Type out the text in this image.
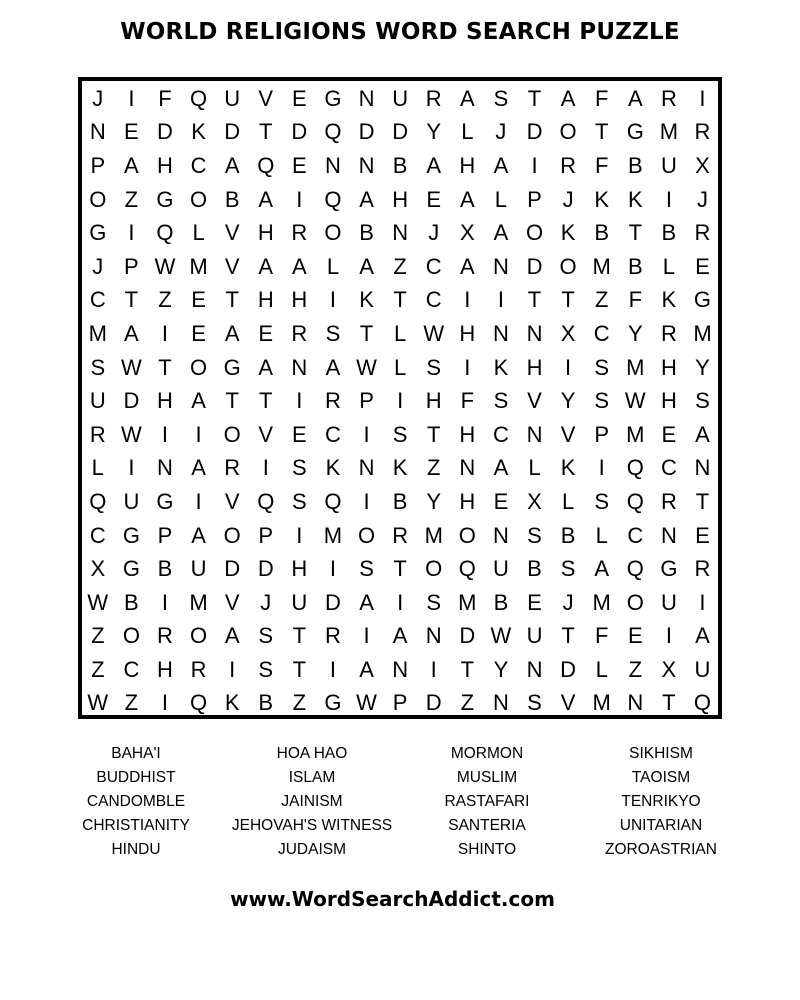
WORLD RELIGIONS WORD SEARCH PUZZLE
J	I	F Q U V E G N U R A S T A F A R	I
N E D K D T D Q D D Y L J D O T G M R
P A H C A Q E N N B A H A	I	R F B U X
O Z G O B A	I Q A H E A L P J K K	I	J
G I Q L V H R O B N J X A O K B T B R
J P W M V A A L A Z C A N D O M B L E
C T Z E T H H	I	K T C	I	I	T T Z F K G
M A	I	E A E R S T L W H N N X C Y R M
S W T O G A N A W L S	I	K H	I	S M H Y
U D H A T T	I	R P	I	H F S V Y S W H S
R W I	I O V E C	I	S T H C N V P M E A
L	I	N A R	I	S K N K Z N A L K	I Q C N
Q U G I	V Q S Q I	B Y H E X L S Q R T
C G P A O P	I M O R M O N S B L C N E
X G B U D D H	I	S T O Q U B S A Q G R
W B	I M V J U D A	I	S M B E J M O U	I
Z O R O A S T R	I	A N D W U T F E	I	A
Z C H R	I	S T	I	A N	I	T Y N D L Z X U
W Z	I Q K B Z G W P D Z N S V M N T Q
BAHA'I
BUDDHIST
CANDOMBLE
CHRISTIANITY
HINDU
HOA HAO
ISLAM
JAINISM
JEHOVAH'S WITNESS
JUDAISM
MORMON
MUSLIM
RASTAFARI
SANTERIA
SHINTO
SIKHISM
TAOISM
TENRIKYO
UNITARIAN
ZOROASTRIAN
www.WordSearchAddict.com
